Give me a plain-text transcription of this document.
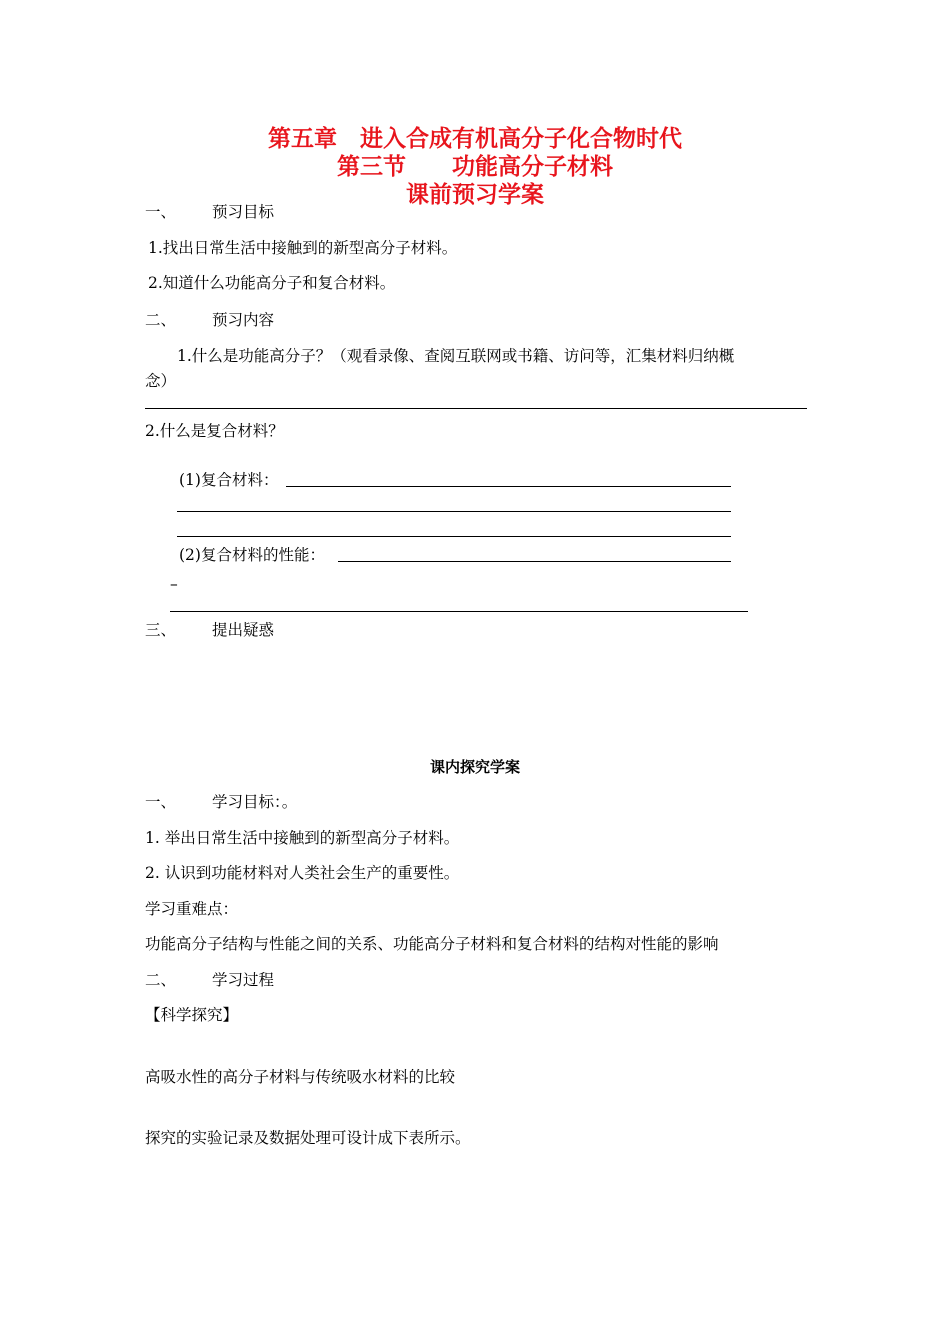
第五章　进入合成有机高分子化合物时代
第三节　　功能高分子材料
课前预习学案
一、 预习目标
1.找出日常生活中接触到的新型高分子材料。
2.知道什么功能高分子和复合材料。
二、 预习内容
1.什么是功能高分子？（观看录像、查阅互联网或书籍、访问等，汇集材料归纳概
念）
2.什么是复合材料？
(1)复合材料：
(2)复合材料的性能：
–
三、 提出疑惑
课内探究学案
一、 学习目标：。
1. 举出日常生活中接触到的新型高分子材料。
2. 认识到功能材料对人类社会生产的重要性。
学习重难点：
功能高分子结构与性能之间的关系、功能高分子材料和复合材料的结构对性能的影响
二、 学习过程
【科学探究】
高吸水性的高分子材料与传统吸水材料的比较
探究的实验记录及数据处理可设计成下表所示。
